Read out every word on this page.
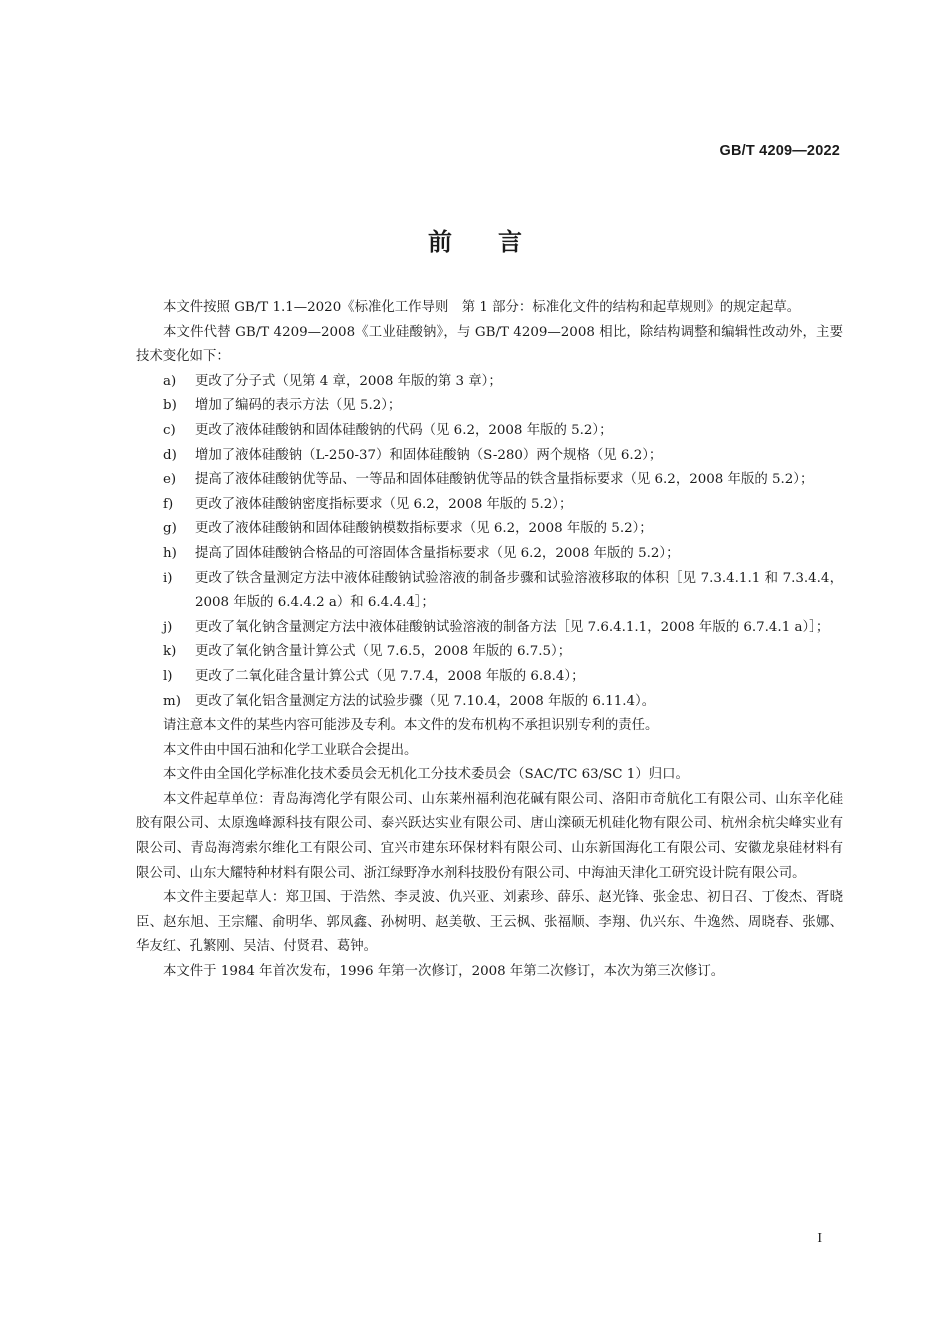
GB/T 4209—2022
前 言

本文件按照 GB/T 1.1—2020《标准化工作导则　第 1 部分：标准化文件的结构和起草规则》的规定起草。

本文件代替 GB/T 4209—2008《工业硅酸钠》，与 GB/T 4209—2008 相比，除结构调整和编辑性改动外，主要技术变化如下：

a) 更改了分子式（见第 4 章，2008 年版的第 3 章）；

b) 增加了编码的表示方法（见 5.2）；

c) 更改了液体硅酸钠和固体硅酸钠的代码（见 6.2，2008 年版的 5.2）；

d) 增加了液体硅酸钠（L-250-37）和固体硅酸钠（S-280）两个规格（见 6.2）；

e) 提高了液体硅酸钠优等品、一等品和固体硅酸钠优等品的铁含量指标要求（见 6.2，2008 年版的 5.2）；

f) 更改了液体硅酸钠密度指标要求（见 6.2，2008 年版的 5.2）；

g) 更改了液体硅酸钠和固体硅酸钠模数指标要求（见 6.2，2008 年版的 5.2）；

h) 提高了固体硅酸钠合格品的可溶固体含量指标要求（见 6.2，2008 年版的 5.2）；

i) 更改了铁含量测定方法中液体硅酸钠试验溶液的制备步骤和试验溶液移取的体积［见 7.3.4.1.1 和 7.3.4.4，2008 年版的 6.4.4.2 a）和 6.4.4.4］；

j) 更改了氧化钠含量测定方法中液体硅酸钠试验溶液的制备方法［见 7.6.4.1.1，2008 年版的 6.7.4.1 a）］；

k) 更改了氧化钠含量计算公式（见 7.6.5，2008 年版的 6.7.5）；

l) 更改了二氧化硅含量计算公式（见 7.7.4，2008 年版的 6.8.4）；

m) 更改了氧化铝含量测定方法的试验步骤（见 7.10.4，2008 年版的 6.11.4）。

请注意本文件的某些内容可能涉及专利。本文件的发布机构不承担识别专利的责任。

本文件由中国石油和化学工业联合会提出。

本文件由全国化学标准化技术委员会无机化工分技术委员会（SAC/TC 63/SC 1）归口。

本文件起草单位：青岛海湾化学有限公司、山东莱州福利泡花碱有限公司、洛阳市奇航化工有限公司、山东辛化硅胶有限公司、太原逸峰源科技有限公司、泰兴跃达实业有限公司、唐山滦硕无机硅化物有限公司、杭州余杭尖峰实业有限公司、青岛海湾索尔维化工有限公司、宜兴市建东环保材料有限公司、山东新国海化工有限公司、安徽龙泉硅材料有限公司、山东大耀特种材料有限公司、浙江绿野净水剂科技股份有限公司、中海油天津化工研究设计院有限公司。

本文件主要起草人：郑卫国、于浩然、李灵波、仇兴亚、刘素珍、薛乐、赵光锋、张金忠、初日召、丁俊杰、胥晓臣、赵东旭、王宗耀、俞明华、郭凤鑫、孙树明、赵美敬、王云枫、张福顺、李翔、仇兴东、牛逸然、周晓春、张娜、华友红、孔繁刚、吴洁、付贤君、葛钟。

本文件于 1984 年首次发布，1996 年第一次修订，2008 年第二次修订，本次为第三次修订。

I
